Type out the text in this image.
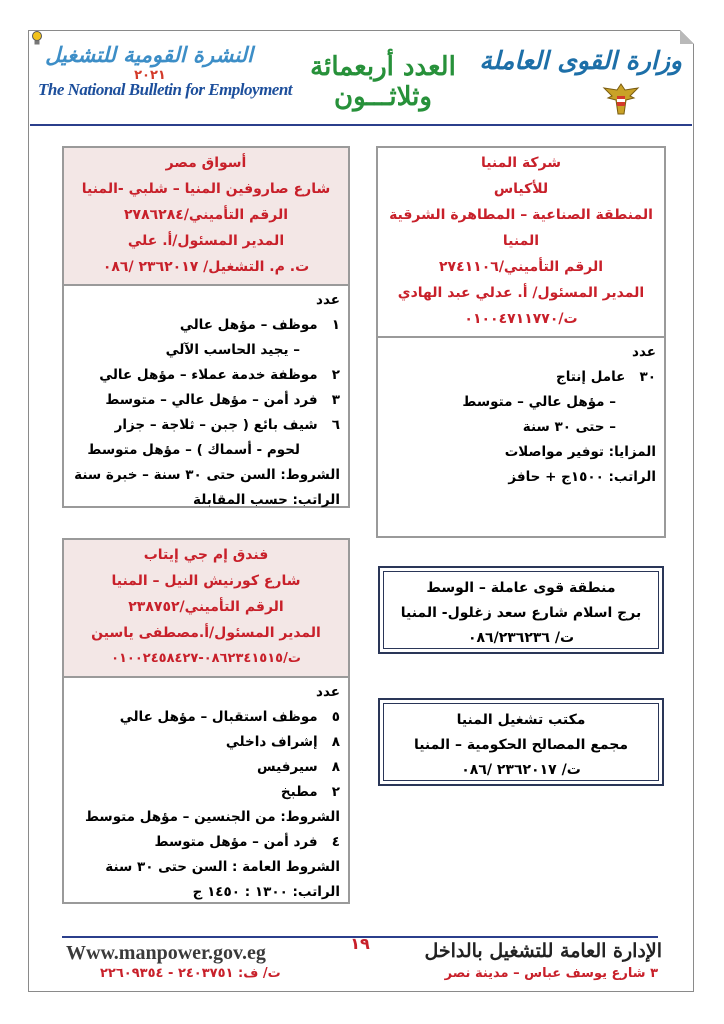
النشرة القومية للتشغيل
٢٠٢١
The National Bulletin for Employment
العدد أربعمائة وثلاثـــون
وزارة القوى العاملة
شركة المنيا
للأكياس
المنطقة الصناعية – المطاهرة الشرقية
المنيا
الرقم التأميني/٢٧٤١١٠٦
المدير المسئول/ أ. عدلي عبد الهادي
ت/٠١٠٠٤٧١١٧٧٠
عدد
٣٠   عامل إنتاج
– مؤهل عالي – متوسط
– حتى ٣٠ سنة
المزايا: توفير مواصلات
الراتب: ١٥٠٠ج + حافز
أسواق مصر
شارع صاروفين المنيا – شلبي -المنيا
الرقم التأميني/٢٧٨٦٢٨٤
المدير المسئول/أ. علي
ت. م. التشغيل/ ٢٣٦٢٠١٧ /٠٨٦
عدد
١   موظف – مؤهل عالي
– يجيد الحاسب الآلي
٢   موظفة خدمة عملاء – مؤهل عالي
٣   فرد أمن – مؤهل عالي – متوسط
٦   شيف بائع ( جبن – ثلاجة – جزار
لحوم - أسماك ) – مؤهل متوسط
الشروط: السن حتى ٣٠ سنة – خبرة سنة
الراتب: حسب المقابلة
فندق إم جي إيتاب
شارع كورنيش النيل – المنيا
الرقم التأميني/٢٣٨٧٥٢
المدير المسئول/أ.مصطفى ياسين
ت/٠٨٦٢٣٤١٥١٥-٠١٠٠٢٤٥٨٤٢٧
عدد
٥   موظف استقبال – مؤهل عالي
٨   إشراف داخلي
٨   سيرفيس
٢   مطبخ
الشروط: من الجنسين – مؤهل متوسط
٤   فرد أمن – مؤهل متوسط
الشروط العامة : السن حتى ٣٠ سنة
الراتب: ١٣٠٠ : ١٤٥٠ ج
منطقة قوى عاملة – الوسط
برج اسلام شارع سعد زغلول- المنيا
ت/ ٠٨٦/٢٣٦٢٣٦
مكتب تشغيل المنيا
مجمع المصالح الحكومية – المنيا
ت/ ٢٣٦٢٠١٧ /٠٨٦
١٩
Www.manpower.gov.eg
ت/ ف: ٢٤٠٣٧٥١ - ٢٢٦٠٩٣٥٤
الإدارة العامة للتشغيل بالداخل
٣ شارع يوسف عباس – مدينة نصر
